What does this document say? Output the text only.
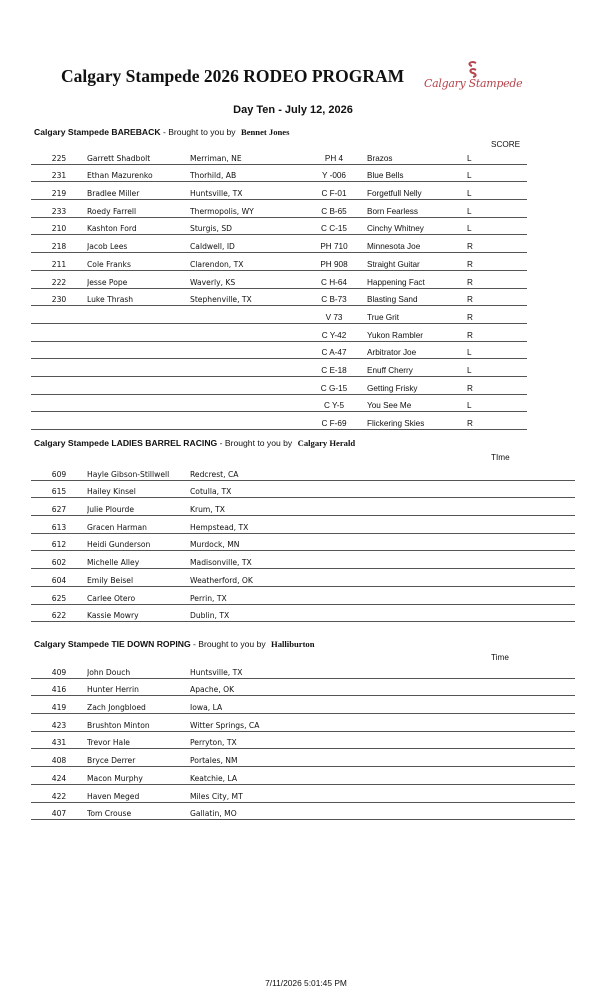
Calgary Stampede 2026 RODEO PROGRAM Calgary Stampede
Day Ten - July 12, 2026
Calgary Stampede BAREBACK - Brought to you by Bennet Jones
SCORE
225	Garrett Shadbolt	Merriman, NE	PH 4	Brazos	L	
231	Ethan Mazurenko	Thorhild, AB	Y -006	Blue Bells	L	
219	Bradlee Miller	Huntsville, TX	C F-01	Forgetfull Nelly	L	
233	Roedy Farrell	Thermopolis, WY	C B-65	Born Fearless	L	
210	Kashton Ford	Sturgis, SD	C C-15	Cinchy Whitney	L	
218	Jacob Lees	Caldwell, ID	PH 710	Minnesota Joe	R	
211	Cole Franks	Clarendon, TX	PH 908	Straight Guitar	R	
222	Jesse Pope	Waverly, KS	C H-64	Happening Fact	R	
230	Luke Thrash	Stephenville, TX	C B-73	Blasting Sand	R	
			V 73	True Grit	R	
			C Y-42	Yukon Rambler	R	
			C A-47	Arbitrator Joe	L	
			C E-18	Enuff Cherry	L	
			C G-15	Getting Frisky	R	
			C Y-5	You See Me	L	
			C F-69	Flickering Skies	R	
Calgary Stampede LADIES BARREL RACING - Brought to you by Calgary Herald
TIme
609	Hayle Gibson-Stillwell	Redcrest, CA	
615	Hailey Kinsel	Cotulla, TX	
627	Julie Plourde	Krum, TX	
613	Gracen Harman	Hempstead, TX	
612	Heidi Gunderson	Murdock, MN	
602	Michelle Alley	Madisonville, TX	
604	Emily Beisel	Weatherford, OK	
625	Carlee Otero	Perrin, TX	
622	Kassie Mowry	Dublin, TX	
Calgary Stampede TIE DOWN ROPING - Brought to you by Halliburton
Time
409	John Douch	Huntsville, TX	
416	Hunter Herrin	Apache, OK	
419	Zach Jongbloed	Iowa, LA	
423	Brushton Minton	Witter Springs, CA	
431	Trevor Hale	Perryton, TX	
408	Bryce Derrer	Portales, NM	
424	Macon Murphy	Keatchie, LA	
422	Haven Meged	Miles City, MT	
407	Tom Crouse	Gallatin, MO	
7/11/2026 5:01:45 PM
